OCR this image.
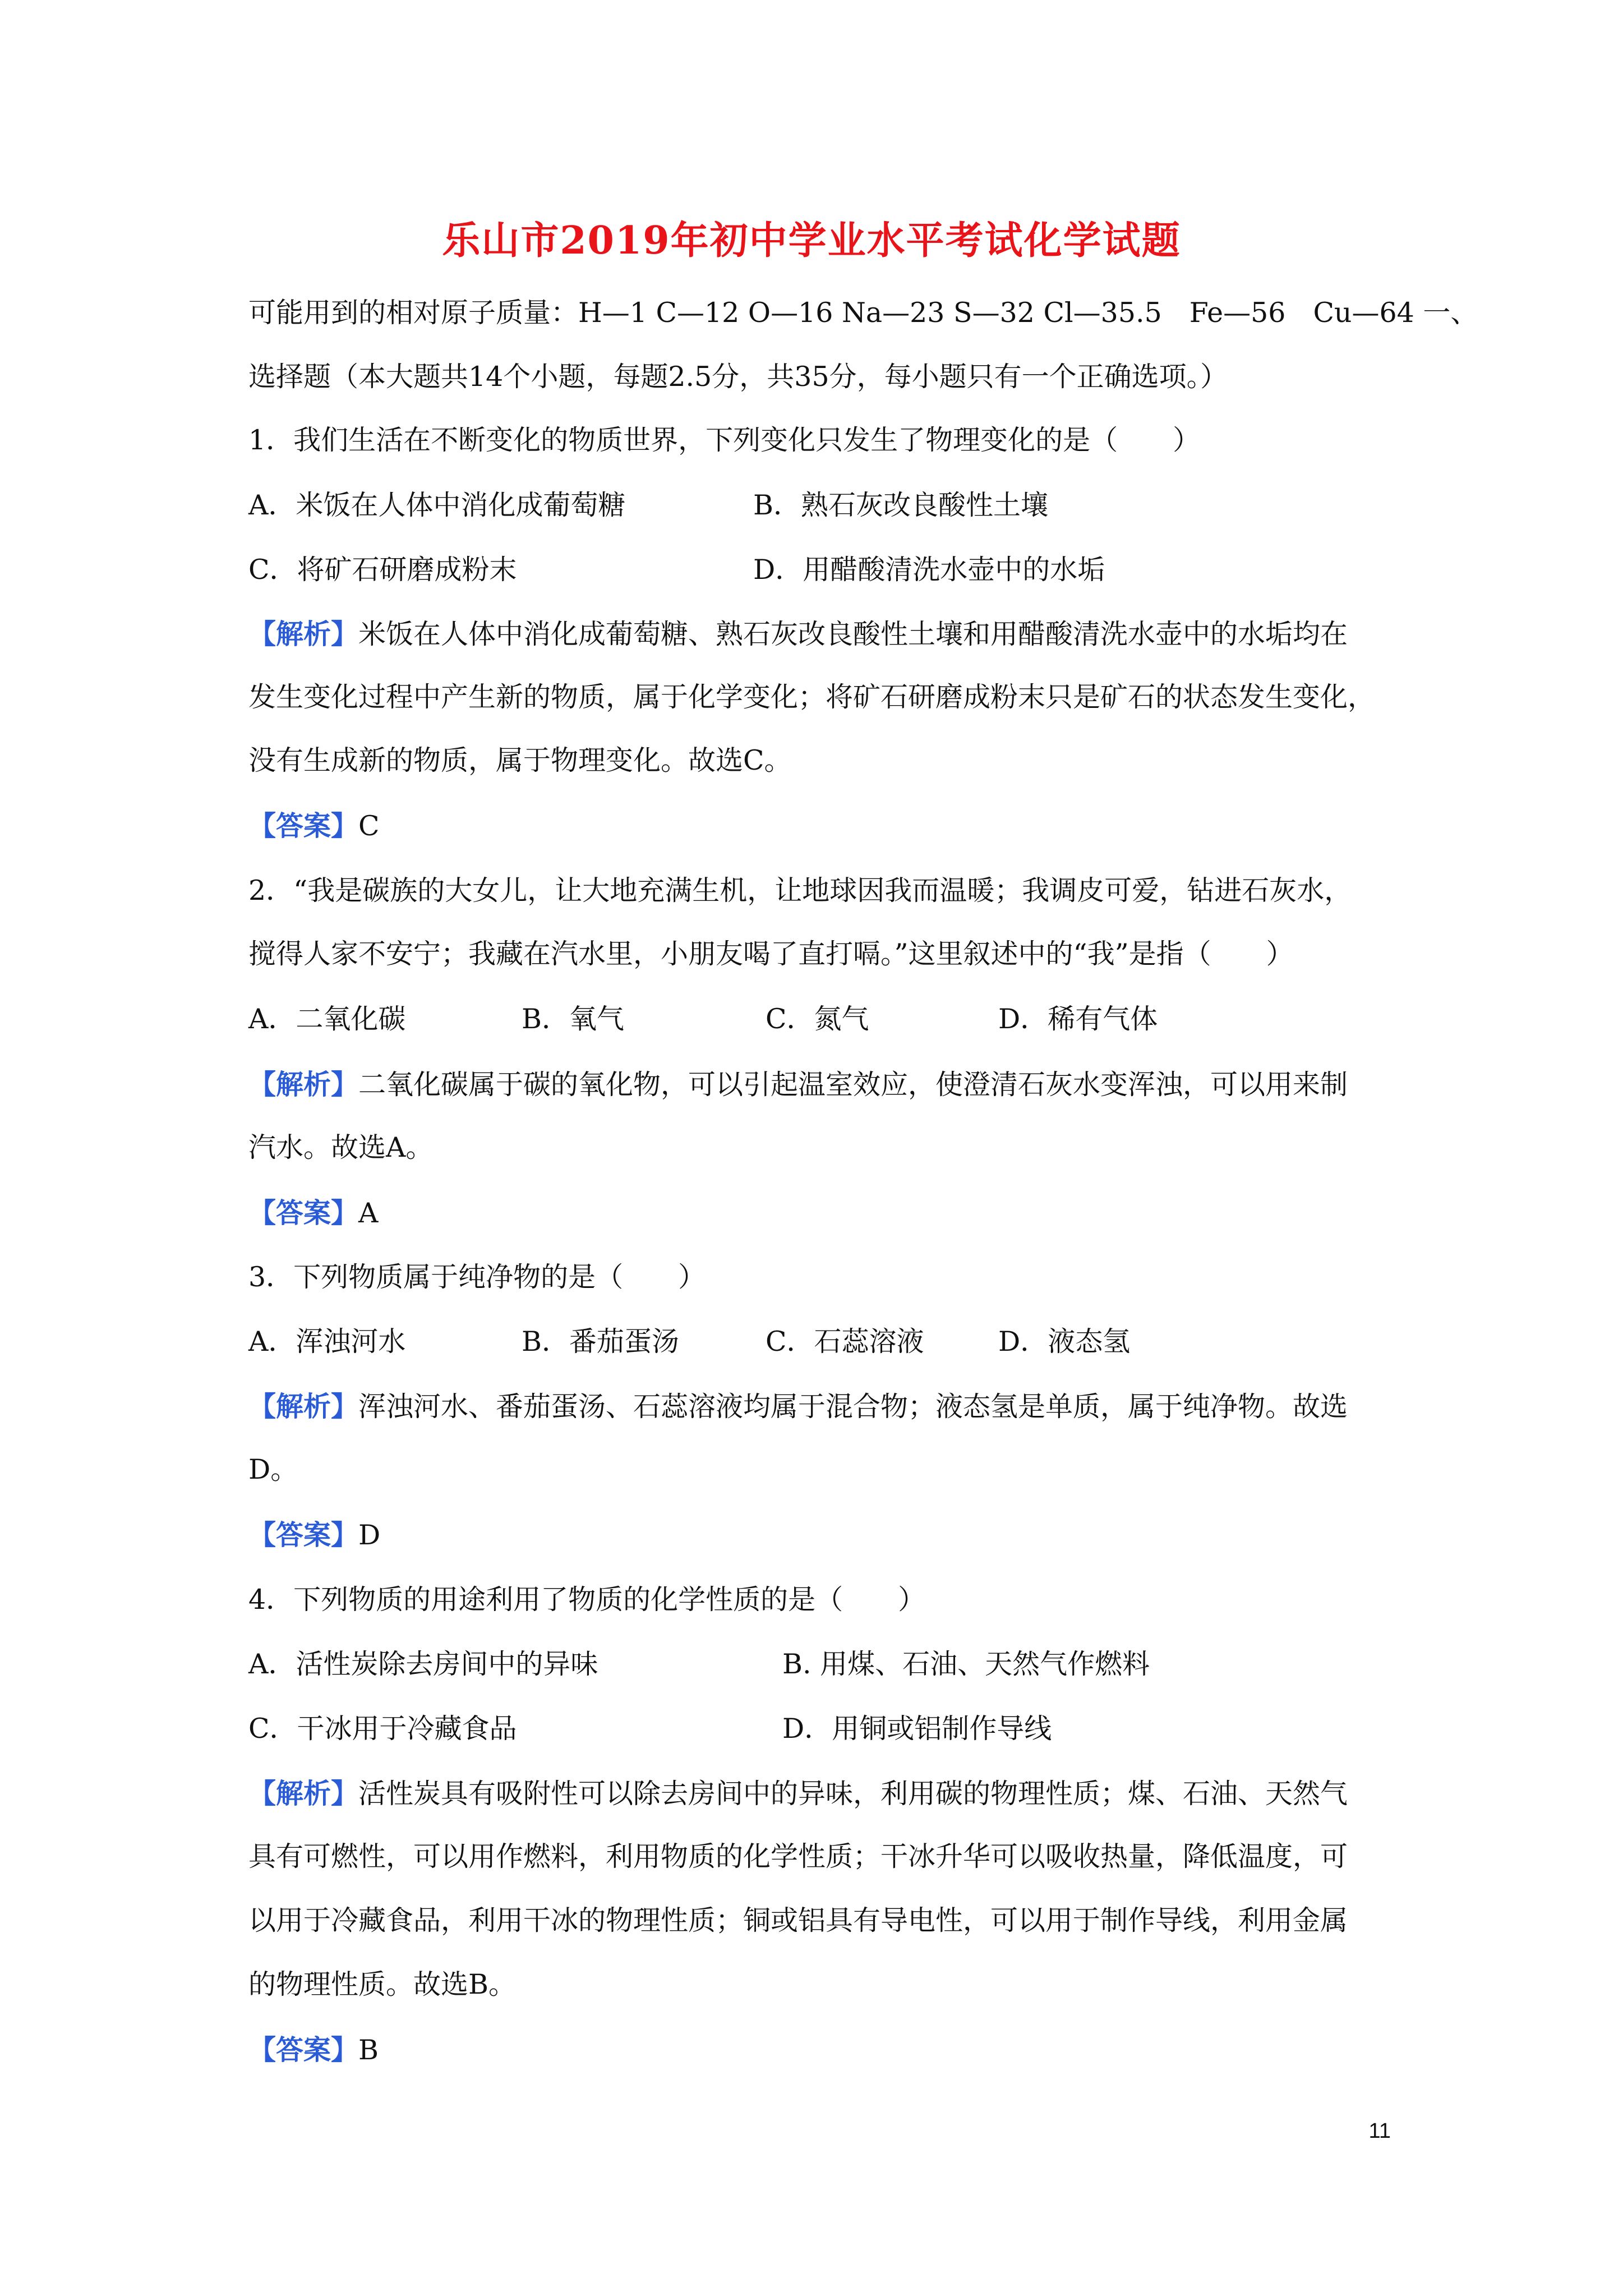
乐山市2019年初中学业水平考试化学试题
可能用到的相对原子质量：H—1 C—12 O—16 Na—23 S—32 Cl—35.5　Fe—56　Cu—64 一、
选择题（本大题共14个小题，每题2.5分，共35分，每小题只有一个正确选项。）
1．我们生活在不断变化的物质世界，下列变化只发生了物理变化的是（　　）
A．米饭在人体中消化成葡萄糖	B．熟石灰改良酸性土壤
C．将矿石研磨成粉末	D．用醋酸清洗水壶中的水垢
【解析】米饭在人体中消化成葡萄糖、熟石灰改良酸性土壤和用醋酸清洗水壶中的水垢均在
发生变化过程中产生新的物质，属于化学变化；将矿石研磨成粉末只是矿石的状态发生变化，
没有生成新的物质，属于物理变化。故选C。
【答案】C
2．“我是碳族的大女儿，让大地充满生机，让地球因我而温暖；我调皮可爱，钻进石灰水，
搅得人家不安宁；我藏在汽水里，小朋友喝了直打嗝。”这里叙述中的“我”是指（　　）
A．二氧化碳	B．氧气	C．氮气	D．稀有气体
【解析】二氧化碳属于碳的氧化物，可以引起温室效应，使澄清石灰水变浑浊，可以用来制
汽水。故选A。
【答案】A
3．下列物质属于纯净物的是（　　）
A．浑浊河水	B．番茄蛋汤	C．石蕊溶液	D．液态氢
【解析】浑浊河水、番茄蛋汤、石蕊溶液均属于混合物；液态氢是单质，属于纯净物。故选
D。
【答案】D
4．下列物质的用途利用了物质的化学性质的是（　　）
A．活性炭除去房间中的异味	B. 用煤、石油、天然气作燃料
C．干冰用于冷藏食品	D．用铜或铝制作导线
【解析】活性炭具有吸附性可以除去房间中的异味，利用碳的物理性质；煤、石油、天然气
具有可燃性，可以用作燃料，利用物质的化学性质；干冰升华可以吸收热量，降低温度，可
以用于冷藏食品，利用干冰的物理性质；铜或铝具有导电性，可以用于制作导线，利用金属
的物理性质。故选B。
【答案】B
11
